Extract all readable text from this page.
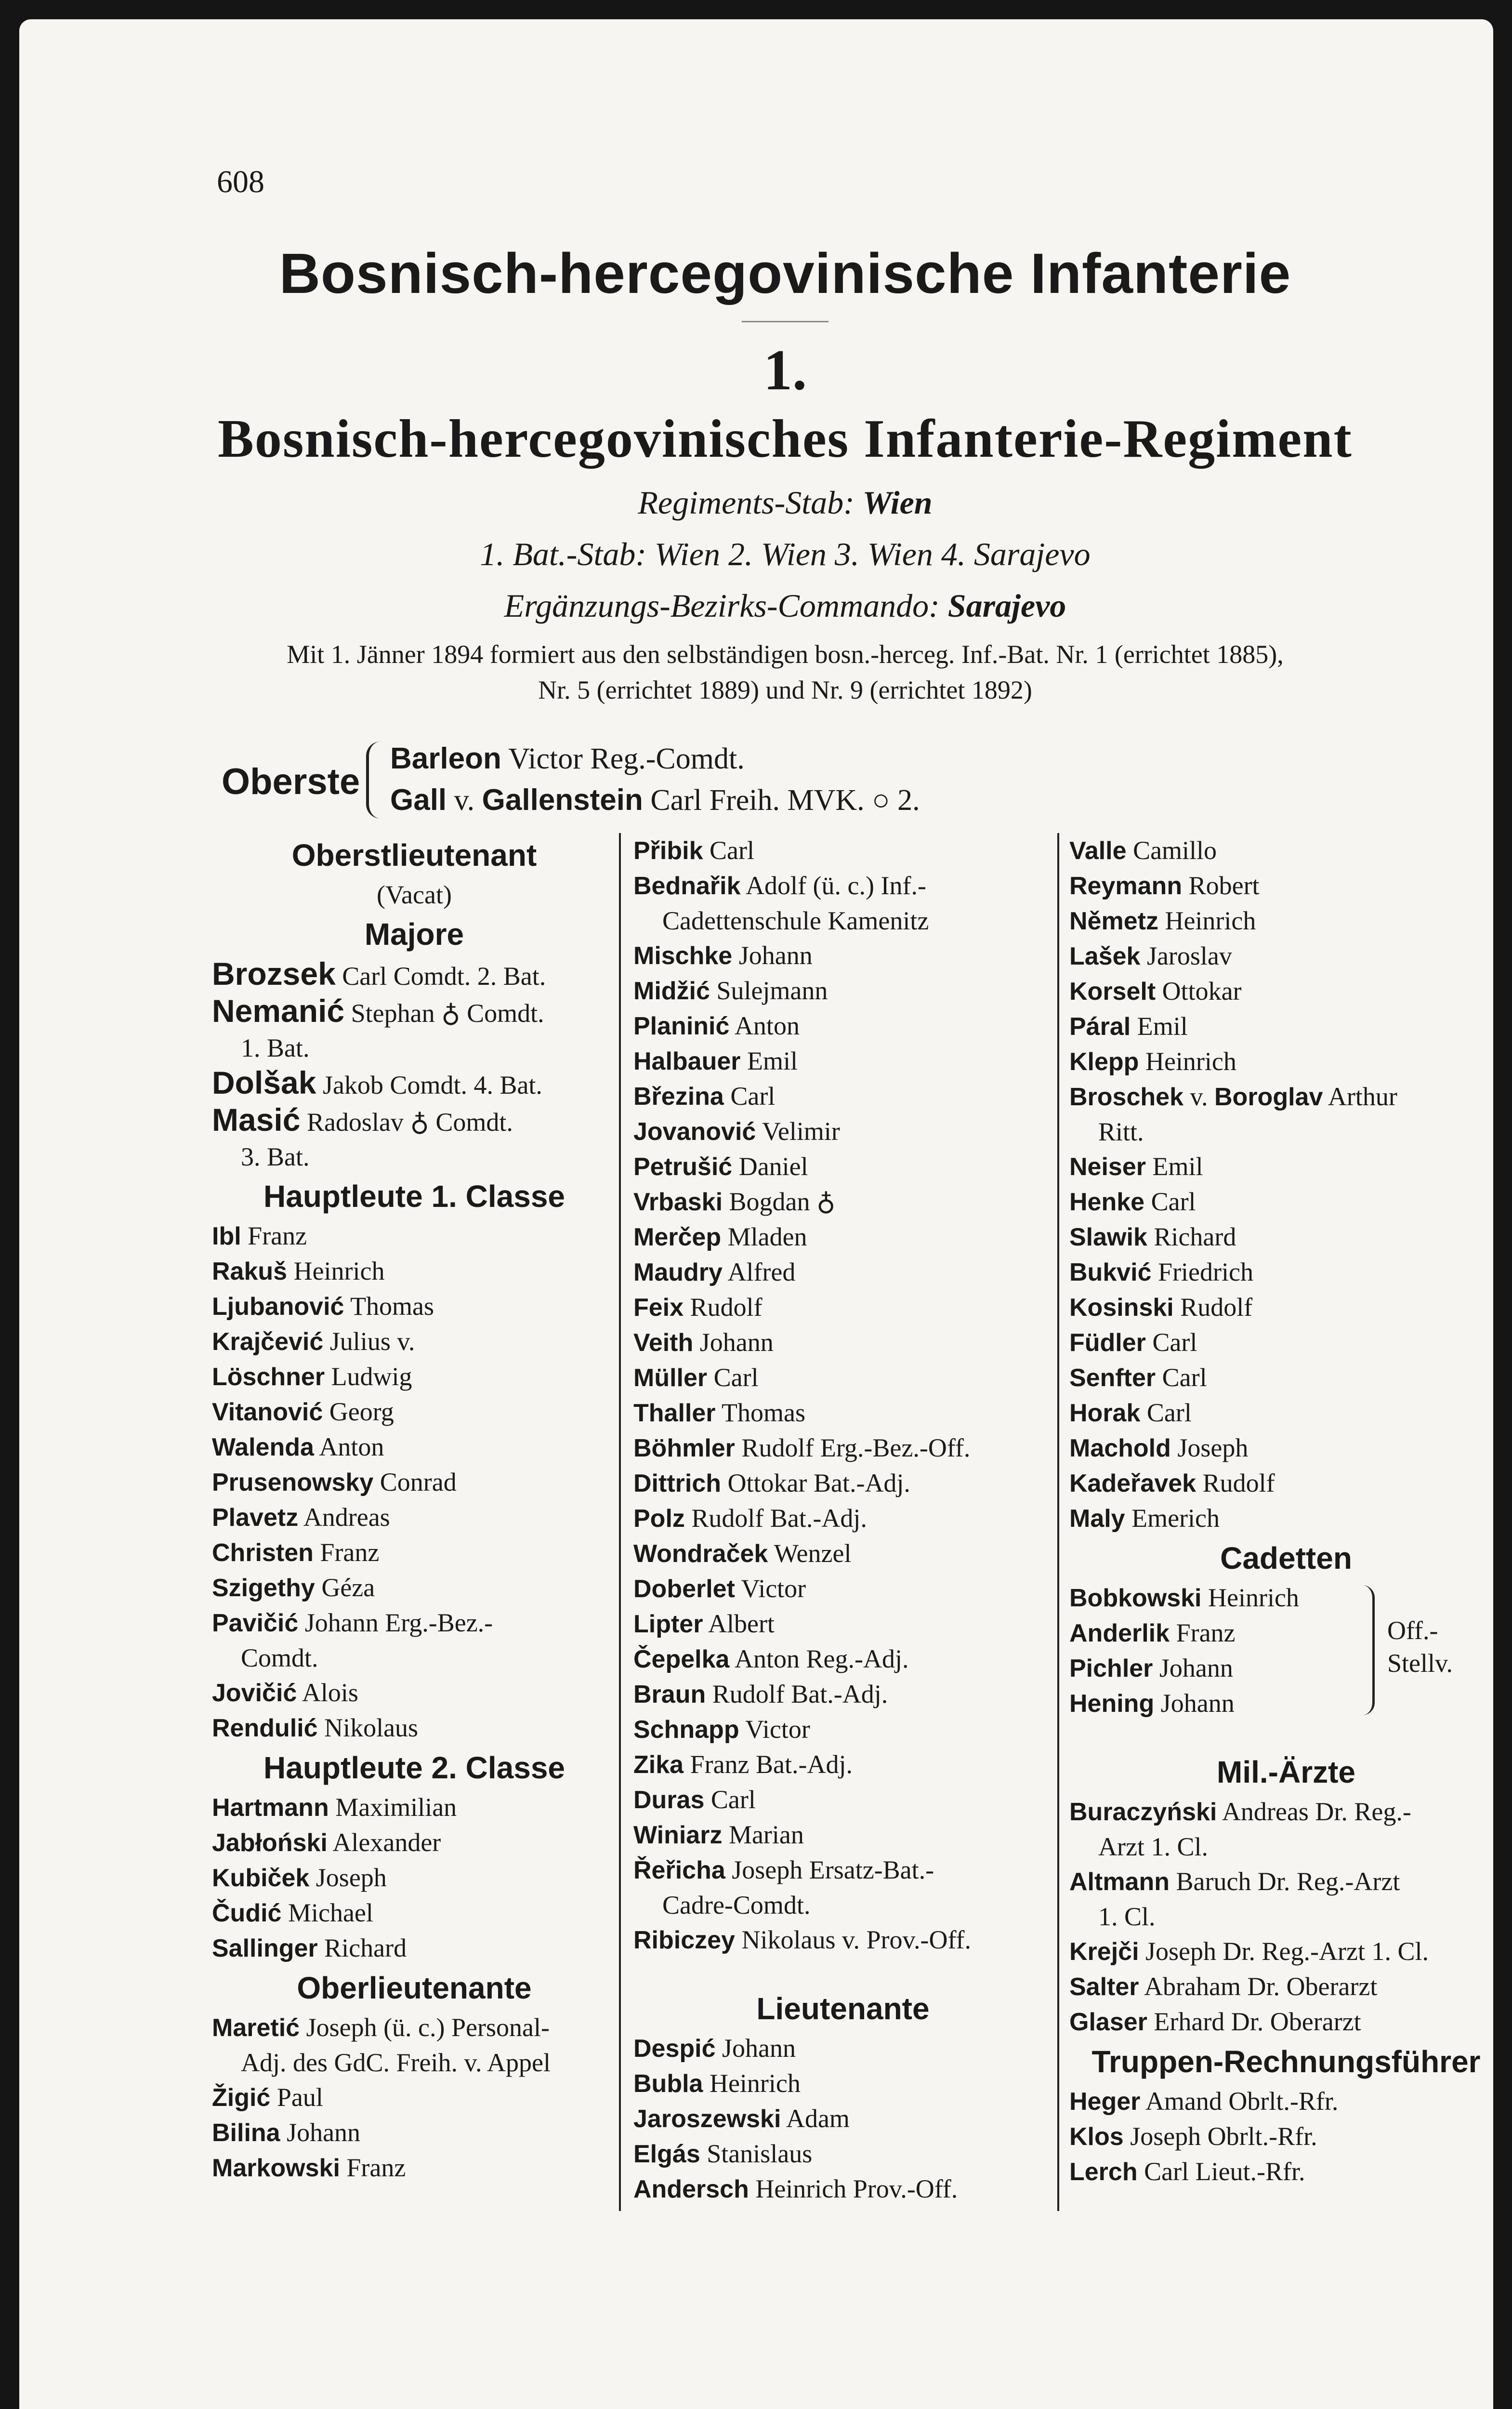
608
Bosnisch-hercegovinische Infanterie
1.
Bosnisch-hercegovinisches Infanterie-Regiment
Regiments-Stab: Wien
1. Bat.-Stab: Wien 2. Wien 3. Wien 4. Sarajevo
Ergänzungs-Bezirks-Commando: Sarajevo
Mit 1. Jänner 1894 formiert aus den selbständigen bosn.-herceg. Inf.-Bat. Nr. 1 (errichtet 1885),
Nr. 5 (errichtet 1889) und Nr. 9 (errichtet 1892)
Oberste
Barleon Victor Reg.-Comdt.
Gall v. Gallenstein Carl Freih. MVK. ○ 2.
Oberstlieutenant
(Vacat)
Majore
Brozsek Carl Comdt. 2. Bat.
Nemanić Stephan ♁ Comdt.
1. Bat.
Dolšak Jakob Comdt. 4. Bat.
Masić Radoslav ♁ Comdt.
3. Bat.
Hauptleute 1. Classe
Ibl Franz
Rakuš Heinrich
Ljubanović Thomas
Krajčević Julius v.
Löschner Ludwig
Vitanović Georg
Walenda Anton
Prusenowsky Conrad
Plavetz Andreas
Christen Franz
Szigethy Géza
Pavičić Johann Erg.-Bez.-
Comdt.
Jovičić Alois
Rendulić Nikolaus
Hauptleute 2. Classe
Hartmann Maximilian
Jabłoński Alexander
Kubiček Joseph
Čudić Michael
Sallinger Richard
Oberlieutenante
Maretić Joseph (ü. c.) Personal-
Adj. des GdC. Freih. v. Appel
Žigić Paul
Bilina Johann
Markowski Franz
Přibik Carl
Bednařik Adolf (ü. c.) Inf.-
Cadettenschule Kamenitz
Mischke Johann
Midžić Sulejmann
Planinić Anton
Halbauer Emil
Březina Carl
Jovanović Velimir
Petrušić Daniel
Vrbaski Bogdan ♁
Merčep Mladen
Maudry Alfred
Feix Rudolf
Veith Johann
Müller Carl
Thaller Thomas
Böhmler Rudolf Erg.-Bez.-Off.
Dittrich Ottokar Bat.-Adj.
Polz Rudolf Bat.-Adj.
Wondraček Wenzel
Doberlet Victor
Lipter Albert
Čepelka Anton Reg.-Adj.
Braun Rudolf Bat.-Adj.
Schnapp Victor
Zika Franz Bat.-Adj.
Duras Carl
Winiarz Marian
Řeřicha Joseph Ersatz-Bat.-
Cadre-Comdt.
Ribiczey Nikolaus v. Prov.-Off.
Lieutenante
Despić Johann
Bubla Heinrich
Jaroszewski Adam
Elgás Stanislaus
Andersch Heinrich Prov.-Off.
Valle Camillo
Reymann Robert
Němetz Heinrich
Lašek Jaroslav
Korselt Ottokar
Páral Emil
Klepp Heinrich
Broschek v. Boroglav Arthur
Ritt.
Neiser Emil
Henke Carl
Slawik Richard
Bukvić Friedrich
Kosinski Rudolf
Füdler Carl
Senfter Carl
Horak Carl
Machold Joseph
Kadeřavek Rudolf
Maly Emerich
Cadetten
Bobkowski Heinrich
Anderlik Franz
Pichler Johann
Hening Johann
Off.-
Stellv.
Mil.-Ärzte
Buraczyński Andreas Dr. Reg.-
Arzt 1. Cl.
Altmann Baruch Dr. Reg.-Arzt
1. Cl.
Krejči Joseph Dr. Reg.-Arzt 1. Cl.
Salter Abraham Dr. Oberarzt
Glaser Erhard Dr. Oberarzt
Truppen-Rechnungsführer
Heger Amand Obrlt.-Rfr.
Klos Joseph Obrlt.-Rfr.
Lerch Carl Lieut.-Rfr.
